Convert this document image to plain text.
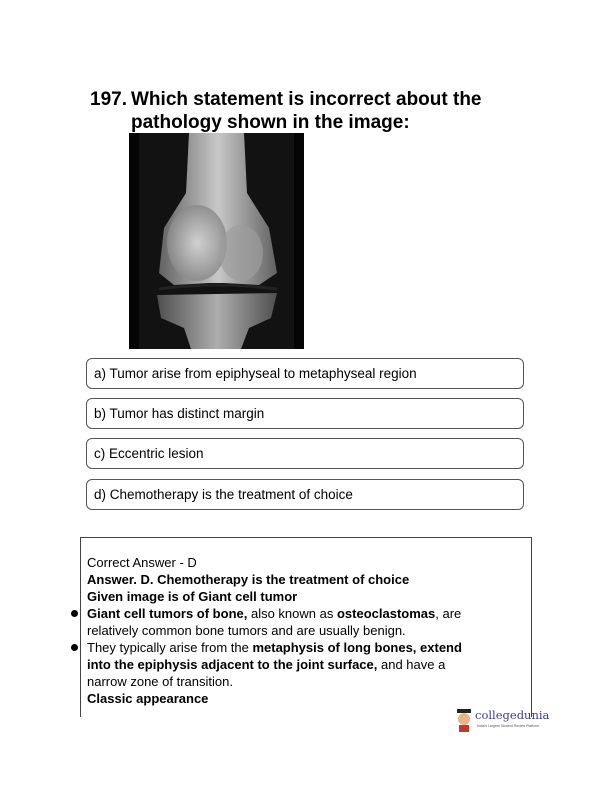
197. Which statement is incorrect about the pathology shown in the image:
a) Tumor arise from epiphyseal to metaphyseal region
b) Tumor has distinct margin
c) Eccentric lesion
d) Chemotherapy is the treatment of choice
Correct Answer - D
Answer. D. Chemotherapy is the treatment of choice
Given image is of Giant cell tumor
Giant cell tumors of bone, also known as osteoclastomas, are
relatively common bone tumors and are usually benign.
They typically arise from the metaphysis of long bones, extend
into the epiphysis adjacent to the joint surface, and have a
narrow zone of transition.
Classic appearance
collegedunia
India's Largest Student Review Platform
